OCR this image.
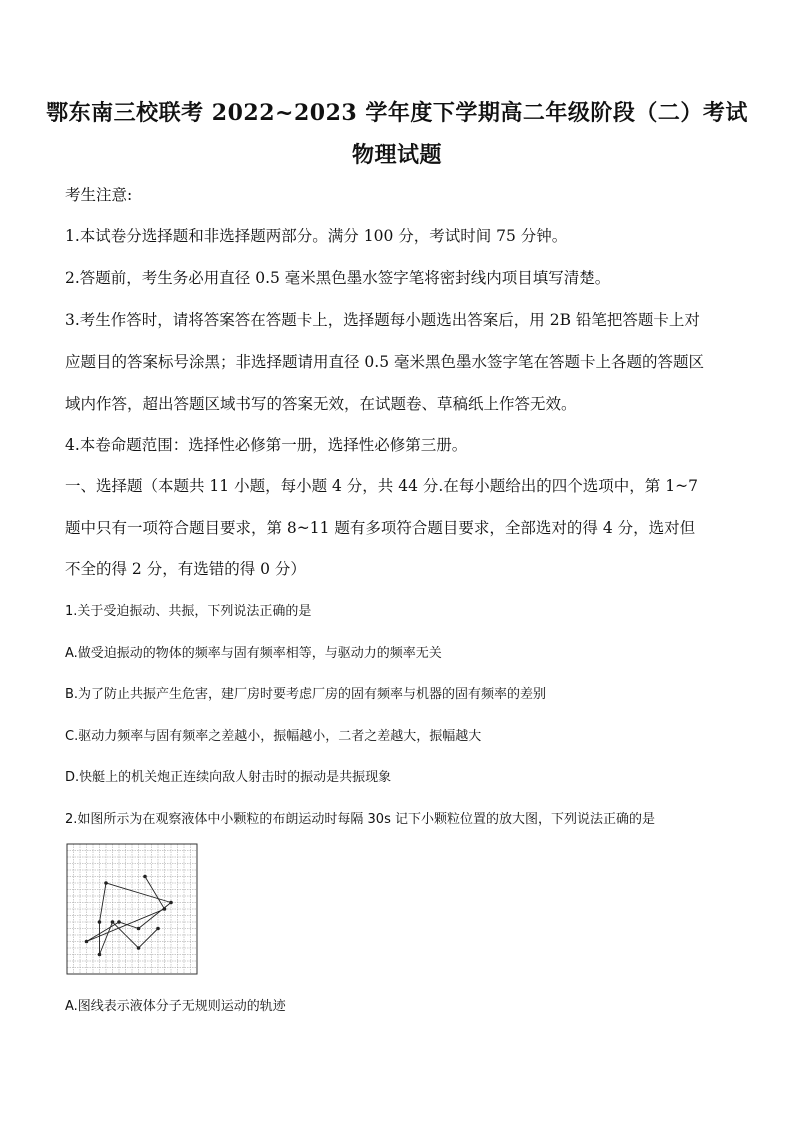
鄂东南三校联考 2022~2023 学年度下学期高二年级阶段（二）考试
物理试题
考生注意:
1.本试卷分选择题和非选择题两部分。满分 100 分，考试时间 75 分钟。
2.答题前，考生务必用直径 0.5 毫米黑色墨水签字笔将密封线内项目填写清楚。
3.考生作答时，请将答案答在答题卡上，选择题每小题选出答案后，用 2B 铅笔把答题卡上对
应题目的答案标号涂黑；非选择题请用直径 0.5 毫米黑色墨水签字笔在答题卡上各题的答题区
域内作答，超出答题区域书写的答案无效，在试题卷、草稿纸上作答无效。
4.本卷命题范围：选择性必修第一册，选择性必修第三册。
一、选择题（本题共 11 小题，每小题 4 分，共 44 分.在每小题给出的四个选项中，第 1~7
题中只有一项符合题目要求，第 8~11 题有多项符合题目要求，全部选对的得 4 分，选对但
不全的得 2 分，有选错的得 0 分）
1.关于受迫振动、共振，下列说法正确的是
A.做受迫振动的物体的频率与固有频率相等，与驱动力的频率无关
B.为了防止共振产生危害，建厂房时要考虑厂房的固有频率与机器的固有频率的差别
C.驱动力频率与固有频率之差越小，振幅越小，二者之差越大，振幅越大
D.快艇上的机关炮正连续向敌人射击时的振动是共振现象
2.如图所示为在观察液体中小颗粒的布朗运动时每隔 30s 记下小颗粒位置的放大图，下列说法正确的是
A.图线表示液体分子无规则运动的轨迹
